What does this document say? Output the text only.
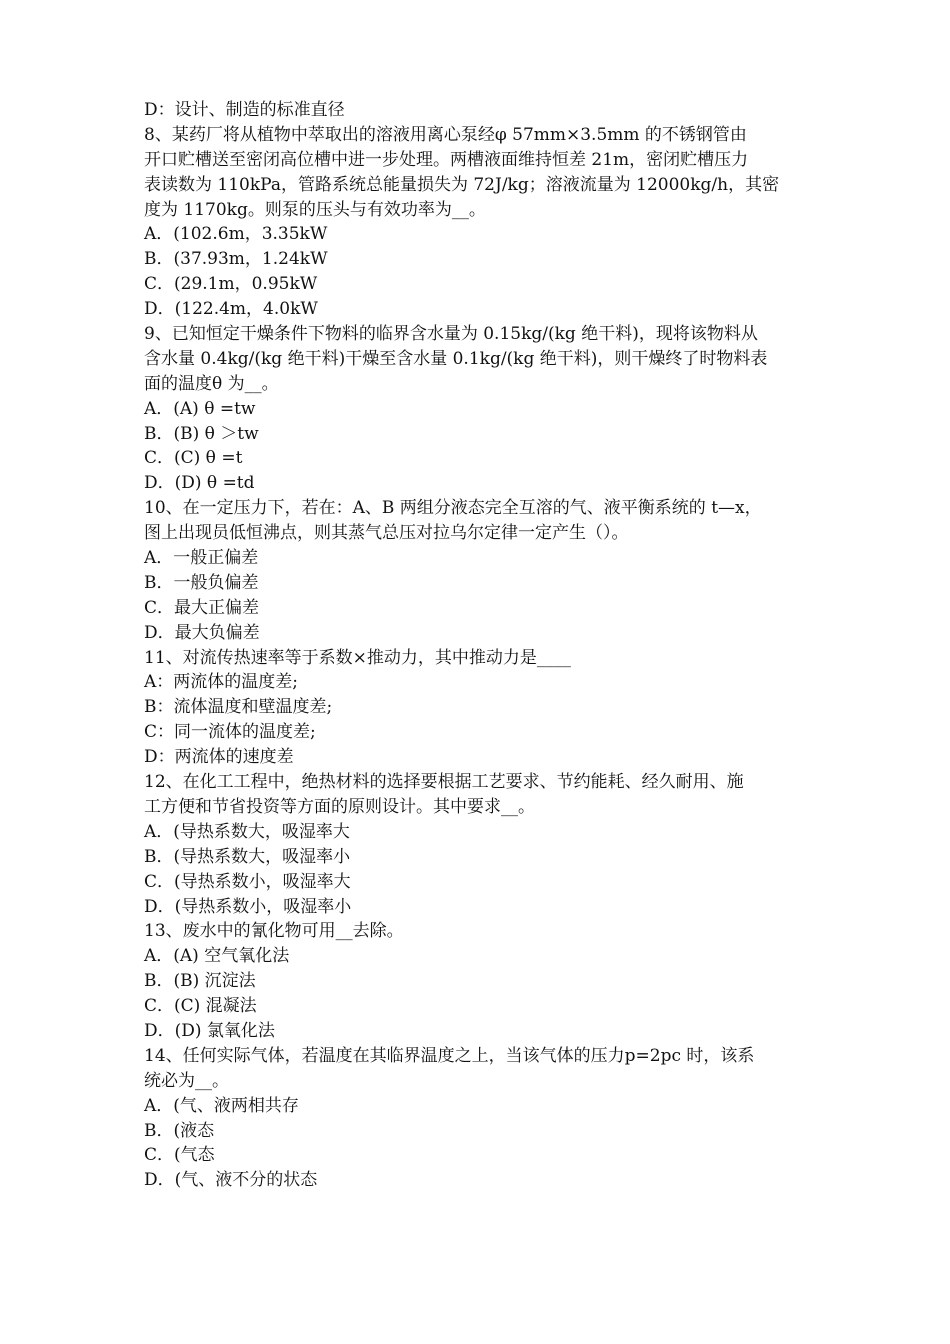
D：设计、制造的标准直径
8、某药厂将从植物中萃取出的溶液用离心泵经φ 57mm×3.5mm 的不锈钢管由
开口贮槽送至密闭高位槽中进一步处理。两槽液面维持恒差 21m，密闭贮槽压力
表读数为 110kPa，管路系统总能量损失为 72J/kg；溶液流量为 12000kg/h，其密
度为 1170kg。则泵的压头与有效功率为__。
A．(102.6m，3.35kW
B．(37.93m，1.24kW
C．(29.1m，0.95kW
D．(122.4m，4.0kW
9、已知恒定干燥条件下物料的临界含水量为 0.15kg/(kg 绝干料)，现将该物料从
含水量 0.4kg/(kg 绝干料)干燥至含水量 0.1kg/(kg 绝干料)，则干燥终了时物料表
面的温度θ 为__。
A．(A) θ =tw
B．(B) θ ＞tw
C．(C) θ =t
D．(D) θ =td
10、在一定压力下，若在：A、B 两组分液态完全互溶的气、液平衡系统的 t—x，
图上出现员低恒沸点，则其蒸气总压对拉乌尔定律一定产生（）。
A．一般正偏差
B．一般负偏差
C．最大正偏差
D．最大负偏差
11、对流传热速率等于系数×推动力，其中推动力是____
A：两流体的温度差;
B：流体温度和壁温度差;
C：同一流体的温度差;
D：两流体的速度差
12、在化工工程中，绝热材料的选择要根据工艺要求、节约能耗、经久耐用、施
工方便和节省投资等方面的原则设计。其中要求__。
A．(导热系数大，吸湿率大
B．(导热系数大，吸湿率小
C．(导热系数小，吸湿率大
D．(导热系数小，吸湿率小
13、废水中的氰化物可用__去除。
A．(A) 空气氧化法
B．(B) 沉淀法
C．(C) 混凝法
D．(D) 氯氧化法
14、任何实际气体，若温度在其临界温度之上，当该气体的压力p=2pc 时，该系
统必为__。
A．(气、液两相共存
B．(液态
C．(气态
D．(气、液不分的状态
